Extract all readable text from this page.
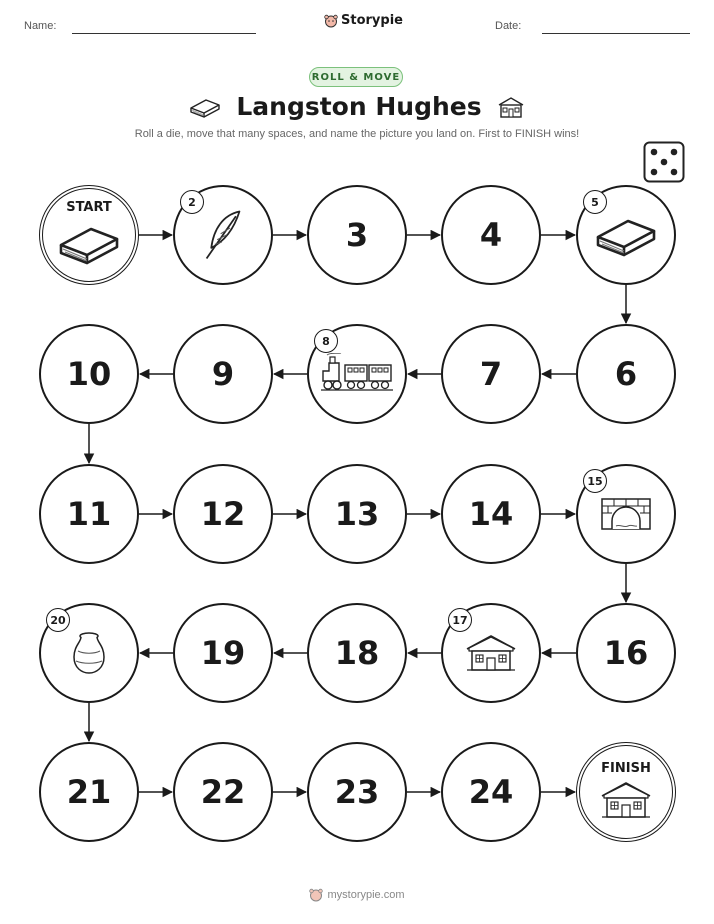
Name:	Storypie	Date:
ROLL & MOVE
Langston Hughes
Roll a die, move that many spaces, and name the picture you land on. First to FINISH wins!
START	2
3	4
5
6
7
8
9
10
11	12	13	14
15
16
17
18
19
20
21	22	23	24
FINISH
mystorypie.com
